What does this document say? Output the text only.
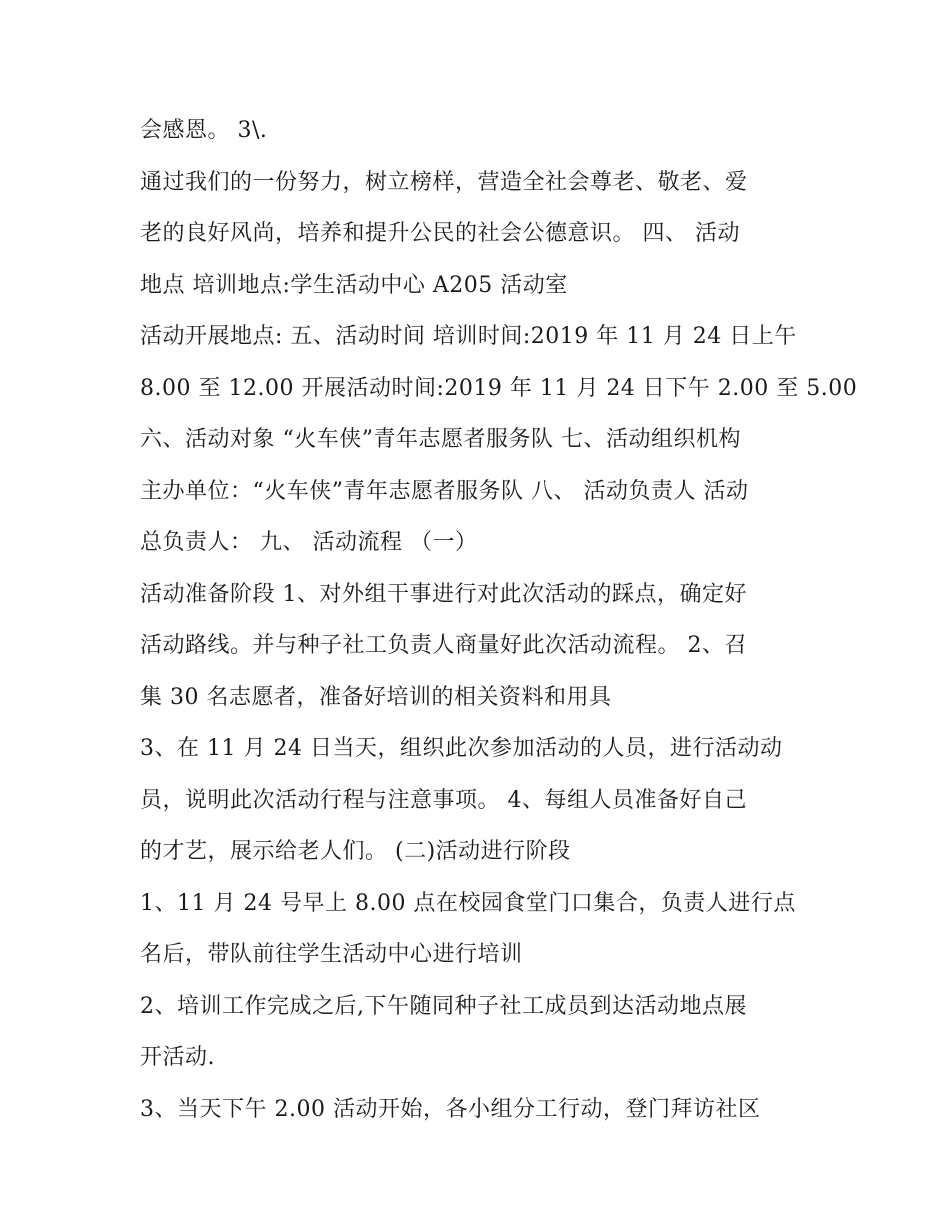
会感恩。 3\.
通过我们的一份努力，树立榜样，营造全社会尊老、敬老、爱
老的良好风尚，培养和提升公民的社会公德意识。 四、 活动
地点 培训地点:学生活动中心 A205 活动室
活动开展地点: 五、活动时间 培训时间:2019 年 11 月 24 日上午
8.00 至 12.00 开展活动时间:2019 年 11 月 24 日下午 2.00 至 5.00
六、活动对象 “火车侠”青年志愿者服务队 七、活动组织机构
主办单位：“火车侠”青年志愿者服务队 八、 活动负责人 活动
总负责人： 九、 活动流程 （一）
活动准备阶段 1、对外组干事进行对此次活动的踩点，确定好
活动路线。并与种子社工负责人商量好此次活动流程。 2、召
集 30 名志愿者，准备好培训的相关资料和用具
3、在 11 月 24 日当天，组织此次参加活动的人员，进行活动动
员，说明此次活动行程与注意事项。 4、每组人员准备好自己
的才艺，展示给老人们。 (二)活动进行阶段
1、11 月 24 号早上 8.00 点在校园食堂门口集合，负责人进行点
名后，带队前往学生活动中心进行培训
2、培训工作完成之后,下午随同种子社工成员到达活动地点展
开活动.
3、当天下午 2.00 活动开始，各小组分工行动，登门拜访社区
